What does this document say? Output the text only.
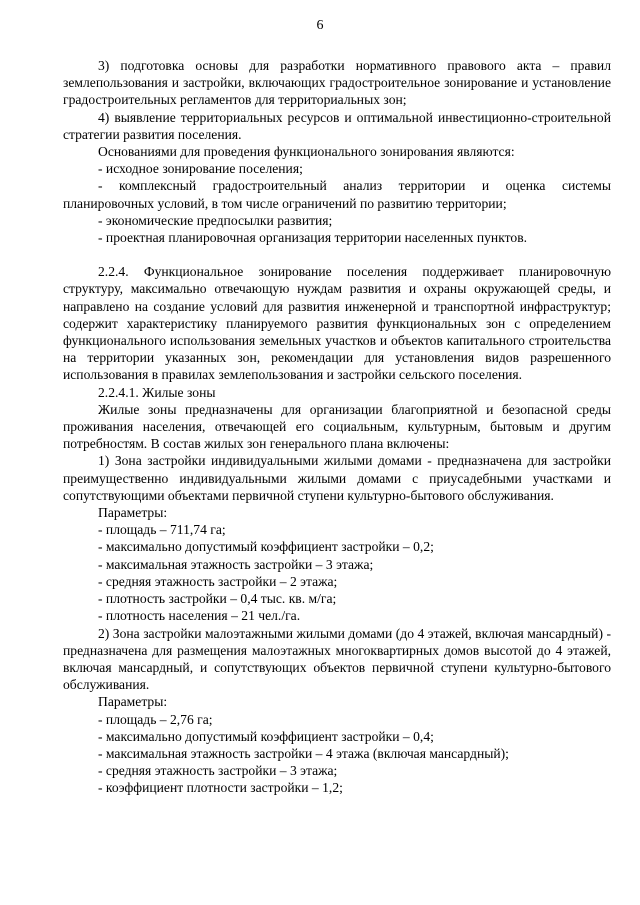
6

3) подготовка основы для разработки нормативного правового акта – правил землепользования и застройки, включающих градостроительное зонирование и установление градостроительных регламентов для территориальных зон;

4) выявление территориальных ресурсов и оптимальной инвестиционно-строительной стратегии развития поселения.

Основаниями для проведения функционального зонирования являются:

- исходное зонирование поселения;

- комплексный градостроительный анализ территории и оценка системы планировочных условий, в том числе ограничений по развитию территории;

- экономические предпосылки развития;

- проектная планировочная организация территории населенных пунктов.

2.2.4. Функциональное зонирование поселения поддерживает планировочную структуру, максимально отвечающую нуждам развития и охраны окружающей среды, и направлено на создание условий для развития инженерной и транспортной инфраструктур; содержит характеристику планируемого развития функциональных зон с определением функционального использования земельных участков и объектов капитального строительства на территории указанных зон, рекомендации для установления видов разрешенного использования в правилах землепользования и застройки сельского поселения.

2.2.4.1. Жилые зоны

Жилые зоны предназначены для организации благоприятной и безопасной среды проживания населения, отвечающей его социальным, культурным, бытовым и другим потребностям. В состав жилых зон генерального плана включены:

1) Зона застройки индивидуальными жилыми домами - предназначена для застройки преимущественно индивидуальными жилыми домами с приусадебными участками и сопутствующими объектами первичной ступени культурно-бытового обслуживания.

Параметры:

- площадь – 711,74 га;

- максимально допустимый коэффициент застройки – 0,2;

- максимальная этажность застройки – 3 этажа;

- средняя этажность застройки – 2 этажа;

- плотность застройки – 0,4 тыс. кв. м/га;

- плотность населения – 21 чел./га.

2) Зона застройки малоэтажными жилыми домами (до 4 этажей, включая мансардный) - предназначена для размещения малоэтажных многоквартирных домов высотой до 4 этажей, включая мансардный, и сопутствующих объектов первичной ступени культурно-бытового обслуживания.

Параметры:

- площадь – 2,76 га;

- максимально допустимый коэффициент застройки – 0,4;

- максимальная этажность застройки – 4 этажа (включая мансардный);

- средняя этажность застройки – 3 этажа;

- коэффициент плотности застройки – 1,2;
